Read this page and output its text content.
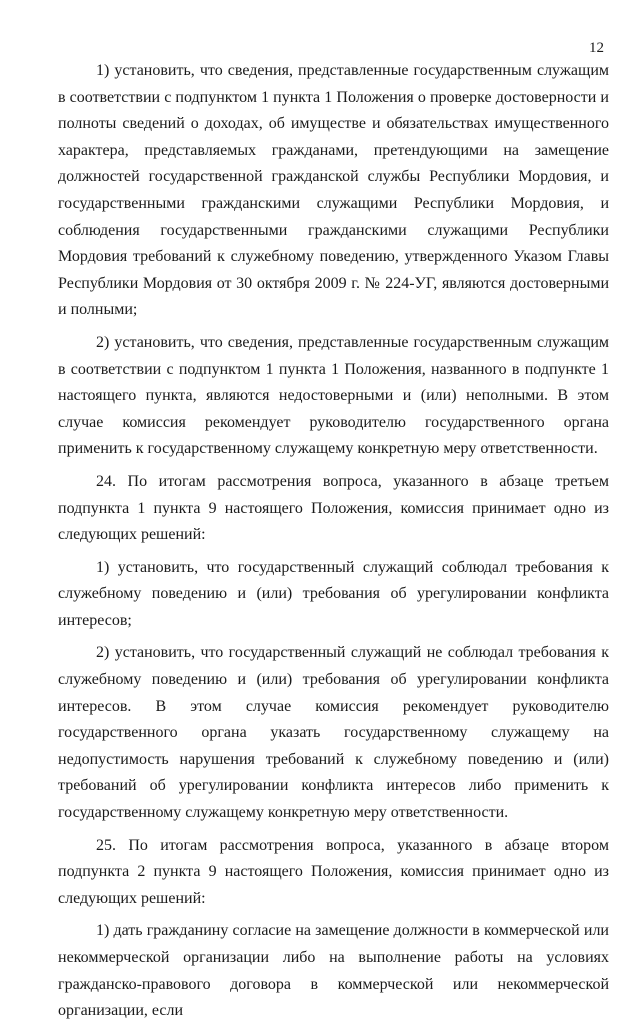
12

1) установить, что сведения, представленные государственным служащим в соответствии с подпунктом 1 пункта 1 Положения о проверке достоверности и полноты сведений о доходах, об имуществе и обязательствах имущественного характера, представляемых гражданами, претендующими на замещение должностей государственной гражданской службы Республики Мордовия, и государственными гражданскими служащими Республики Мордовия, и соблюдения государственными гражданскими служащими Республики Мордовия требований к служебному поведению, утвержденного Указом Главы Республики Мордовия от 30 октября 2009 г. № 224-УГ, являются достоверными и полными;

2) установить, что сведения, представленные государственным служащим в соответствии с подпунктом 1 пункта 1 Положения, названного в подпункте 1 настоящего пункта, являются недостоверными и (или) неполными. В этом случае комиссия рекомендует руководителю государственного органа применить к государственному служащему конкретную меру ответственности.

24. По итогам рассмотрения вопроса, указанного в абзаце третьем подпункта 1 пункта 9 настоящего Положения, комиссия принимает одно из следующих решений:

1) установить, что государственный служащий соблюдал требования к служебному поведению и (или) требования об урегулировании конфликта интересов;

2) установить, что государственный служащий не соблюдал требования к служебному поведению и (или) требования об урегулировании конфликта интересов. В этом случае комиссия рекомендует руководителю государственного органа указать государственному служащему на недопустимость нарушения требований к служебному поведению и (или) требований об урегулировании конфликта интересов либо применить к государственному служащему конкретную меру ответственности.

25. По итогам рассмотрения вопроса, указанного в абзаце втором подпункта 2 пункта 9 настоящего Положения, комиссия принимает одно из следующих решений:

1) дать гражданину согласие на замещение должности в коммерческой или некоммерческой организации либо на выполнение работы на условиях гражданско-правового договора в коммерческой или некоммерческой организации, если
